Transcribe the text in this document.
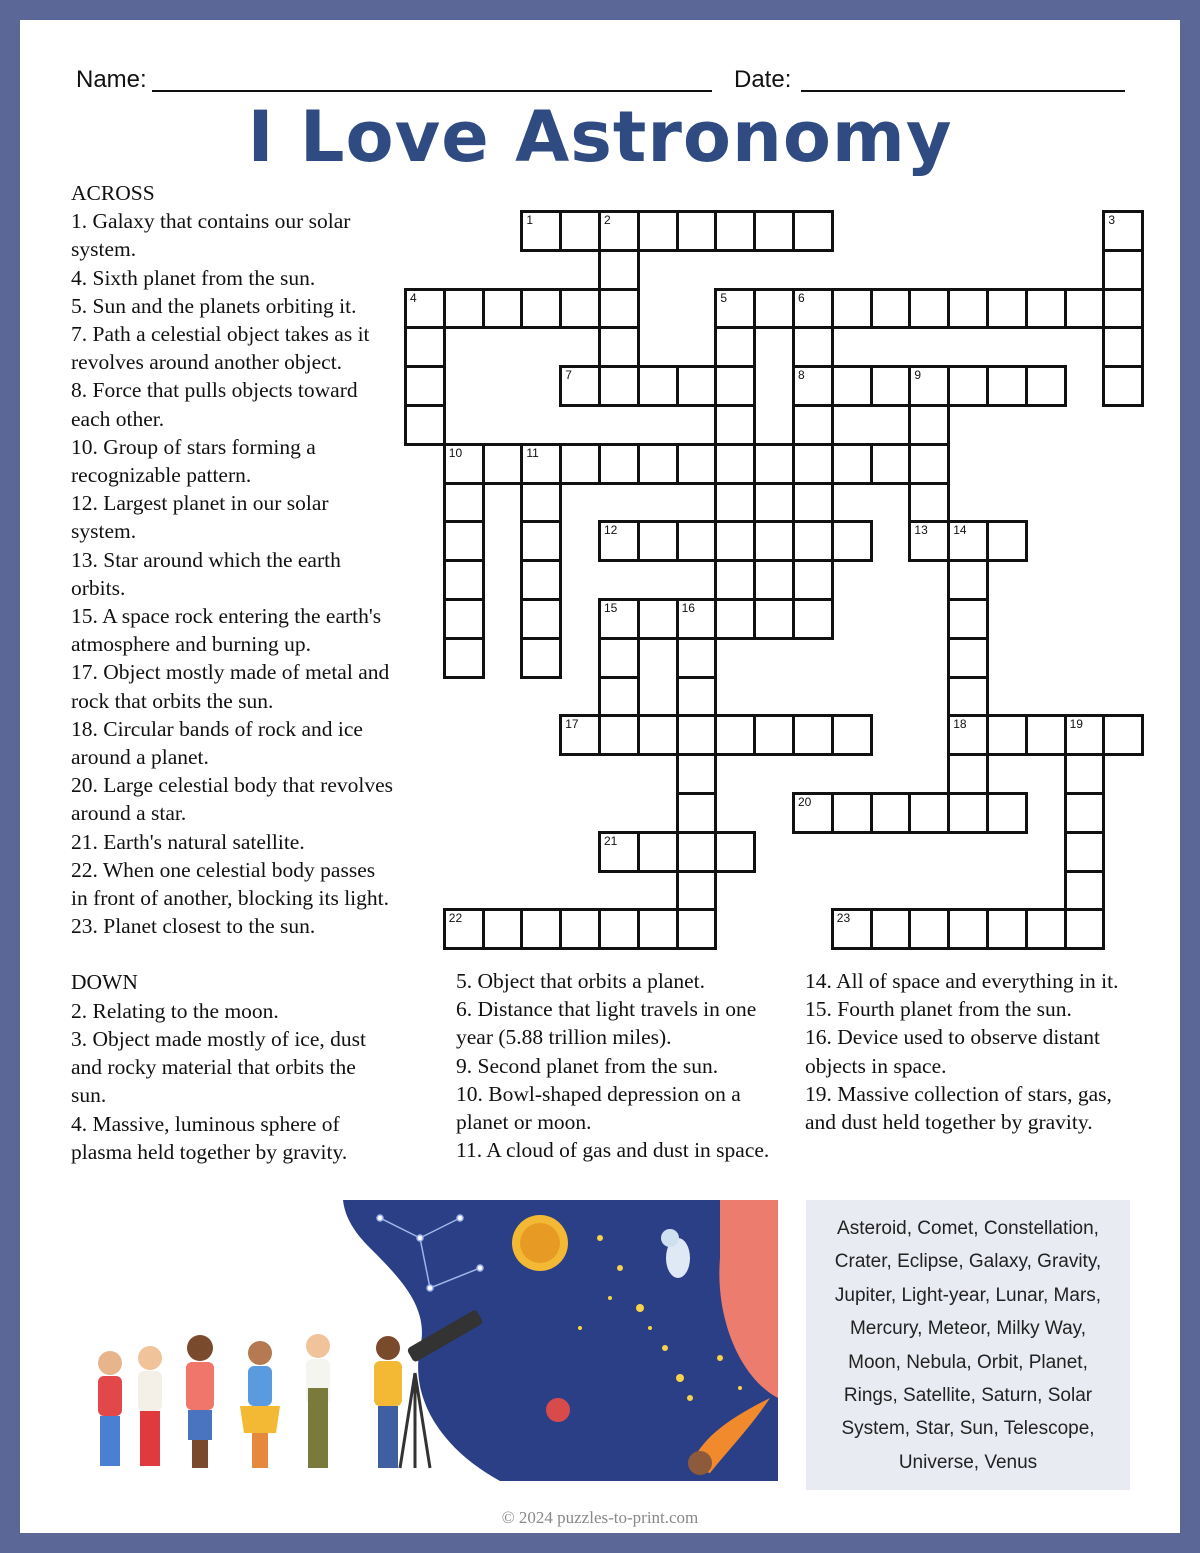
Name:	Date:
I Love Astronomy
ACROSS
1. Galaxy that contains our solar system.
4. Sixth planet from the sun.
5. Sun and the planets orbiting it.
7. Path a celestial object takes as it revolves around another object.
8. Force that pulls objects toward each other.
10. Group of stars forming a recognizable pattern.
12. Largest planet in our solar system.
13. Star around which the earth orbits.
15. A space rock entering the earth's atmosphere and burning up.
17. Object mostly made of metal and rock that orbits the sun.
18. Circular bands of rock and ice around a planet.
20. Large celestial body that revolves around a star.
21. Earth's natural satellite.
22. When one celestial body passes in front of another, blocking its light.
23. Planet closest to the sun.
DOWN
2. Relating to the moon.
3. Object made mostly of ice, dust and rocky material that orbits the sun.
4. Massive, luminous sphere of plasma held together by gravity.
5. Object that orbits a planet.
6. Distance that light travels in one year (5.88 trillion miles).
9. Second planet from the sun.
10. Bowl-shaped depression on a planet or moon.
11. A cloud of gas and dust in space.
14. All of space and everything in it.
15. Fourth planet from the sun.
16. Device used to observe distant objects in space.
19. Massive collection of stars, gas, and dust held together by gravity.
1	2	3
4	5	6
7	8	9
10	11
12	13 14
15	16
17	18	19
20
21
22	23
Asteroid, Comet, Constellation, Crater, Eclipse, Galaxy, Gravity, Jupiter, Light-year, Lunar, Mars, Mercury, Meteor, Milky Way, Moon, Nebula, Orbit, Planet, Rings, Satellite, Saturn, Solar System, Star, Sun, Telescope, Universe, Venus
© 2024 puzzles-to-print.com
